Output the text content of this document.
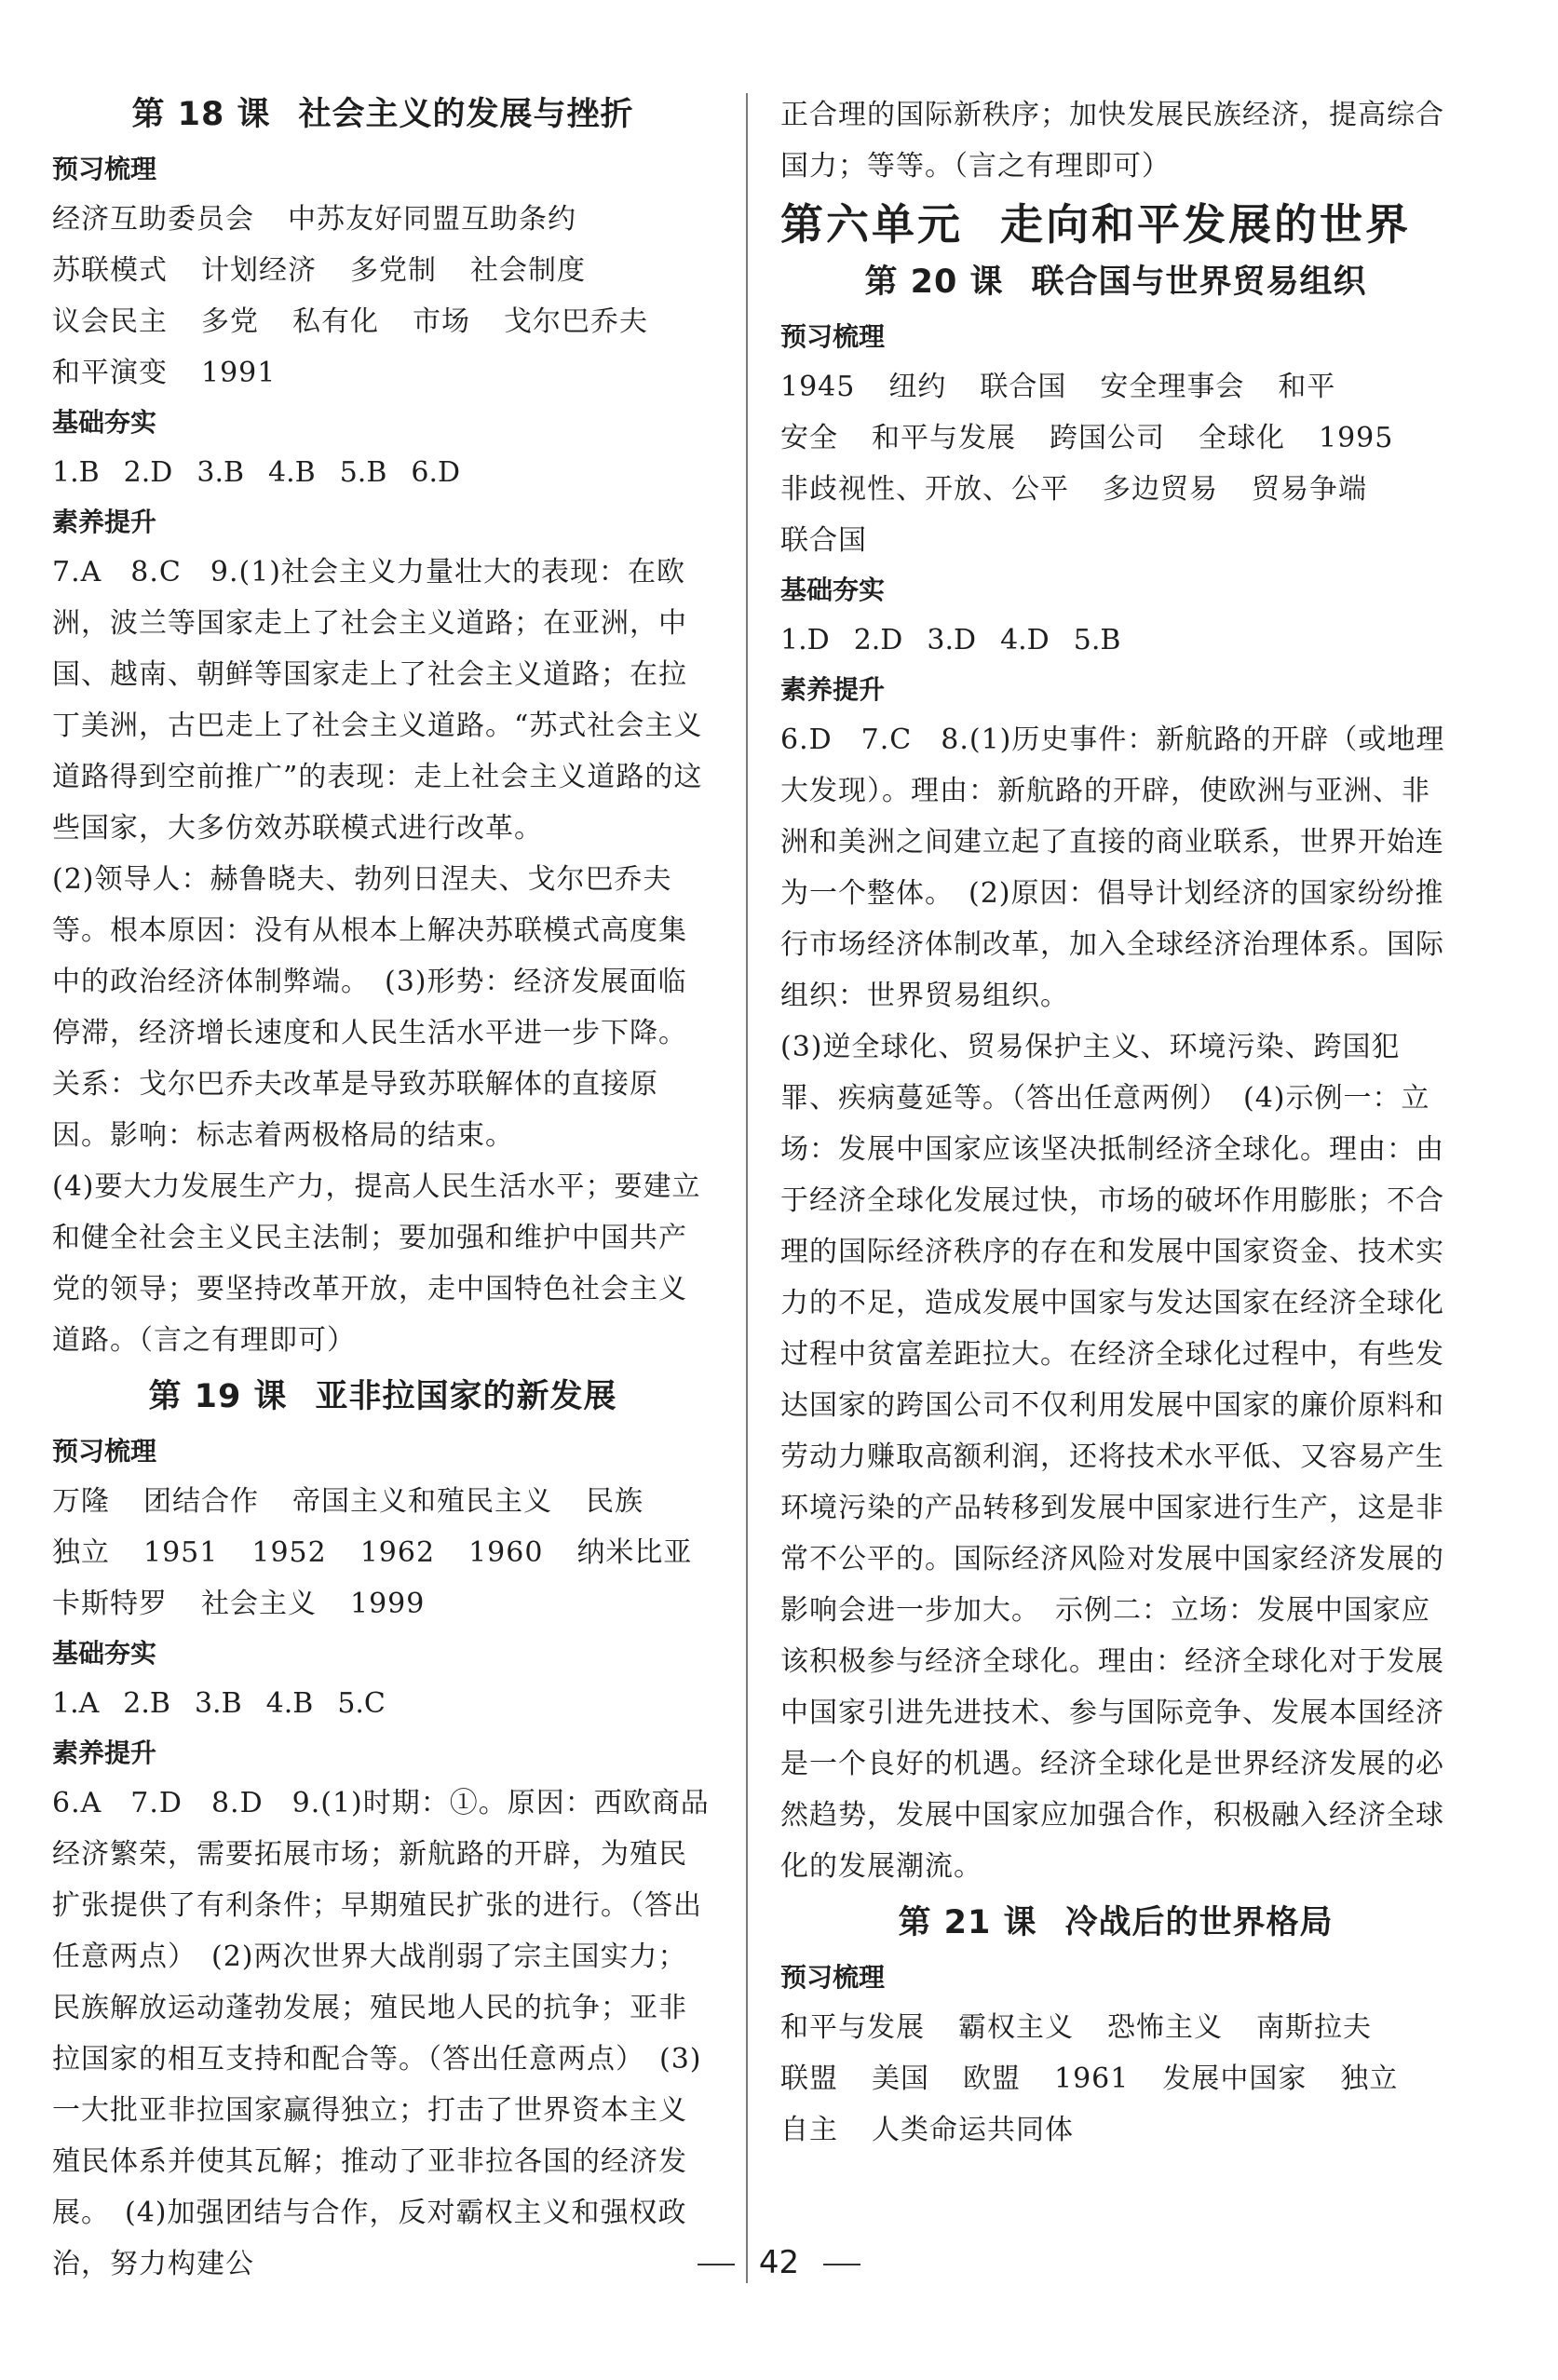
第 18 课 社会主义的发展与挫折
预习梳理
经济互助委员会 中苏友好同盟互助条约
苏联模式 计划经济 多党制 社会制度
议会民主 多党 私有化 市场 戈尔巴乔夫
和平演变 1991
基础夯实
1.B 2.D 3.B 4.B 5.B 6.D
素养提升
7.A　8.C　9.(1)社会主义力量壮大的表现：在欧洲，波兰等国家走上了社会主义道路；在亚洲，中国、越南、朝鲜等国家走上了社会主义道路；在拉丁美洲，古巴走上了社会主义道路。“苏式社会主义道路得到空前推广”的表现：走上社会主义道路的这些国家，大多仿效苏联模式进行改革。
(2)领导人：赫鲁晓夫、勃列日涅夫、戈尔巴乔夫等。根本原因：没有从根本上解决苏联模式高度集中的政治经济体制弊端。　(3)形势：经济发展面临停滞，经济增长速度和人民生活水平进一步下降。关系：戈尔巴乔夫改革是导致苏联解体的直接原因。影响：标志着两极格局的结束。
(4)要大力发展生产力，提高人民生活水平；要建立和健全社会主义民主法制；要加强和维护中国共产党的领导；要坚持改革开放，走中国特色社会主义道路。（言之有理即可）
第 19 课 亚非拉国家的新发展
预习梳理
万隆 团结合作 帝国主义和殖民主义 民族
独立 1951 1952 1962 1960 纳米比亚
卡斯特罗 社会主义 1999
基础夯实
1.A 2.B 3.B 4.B 5.C
素养提升
6.A　7.D　8.D　9.(1)时期：①。原因：西欧商品经济繁荣，需要拓展市场；新航路的开辟，为殖民扩张提供了有利条件；早期殖民扩张的进行。（答出任意两点）　(2)两次世界大战削弱了宗主国实力；民族解放运动蓬勃发展；殖民地人民的抗争；亚非拉国家的相互支持和配合等。（答出任意两点）　(3)一大批亚非拉国家赢得独立；打击了世界资本主义殖民体系并使其瓦解；推动了亚非拉各国的经济发展。　(4)加强团结与合作，反对霸权主义和强权政治，努力构建公
正合理的国际新秩序；加快发展民族经济，提高综合国力；等等。（言之有理即可）
第六单元 走向和平发展的世界
第 20 课 联合国与世界贸易组织
预习梳理
1945 纽约 联合国 安全理事会 和平
安全 和平与发展 跨国公司 全球化 1995
非歧视性、开放、公平 多边贸易 贸易争端
联合国
基础夯实
1.D 2.D 3.D 4.D 5.B
素养提升
6.D　7.C　8.(1)历史事件：新航路的开辟（或地理大发现）。理由：新航路的开辟，使欧洲与亚洲、非洲和美洲之间建立起了直接的商业联系，世界开始连为一个整体。　(2)原因：倡导计划经济的国家纷纷推行市场经济体制改革，加入全球经济治理体系。国际组织：世界贸易组织。
(3)逆全球化、贸易保护主义、环境污染、跨国犯罪、疾病蔓延等。（答出任意两例）　(4)示例一：立场：发展中国家应该坚决抵制经济全球化。理由：由于经济全球化发展过快，市场的破坏作用膨胀；不合理的国际经济秩序的存在和发展中国家资金、技术实力的不足，造成发展中国家与发达国家在经济全球化过程中贫富差距拉大。在经济全球化过程中，有些发达国家的跨国公司不仅利用发展中国家的廉价原料和劳动力赚取高额利润，还将技术水平低、又容易产生环境污染的产品转移到发展中国家进行生产，这是非常不公平的。国际经济风险对发展中国家经济发展的影响会进一步加大。　示例二：立场：发展中国家应该积极参与经济全球化。理由：经济全球化对于发展中国家引进先进技术、参与国际竞争、发展本国经济是一个良好的机遇。经济全球化是世界经济发展的必然趋势，发展中国家应加强合作，积极融入经济全球化的发展潮流。
第 21 课 冷战后的世界格局
预习梳理
和平与发展 霸权主义 恐怖主义 南斯拉夫
联盟 美国 欧盟 1961 发展中国家 独立
自主 人类命运共同体
42
